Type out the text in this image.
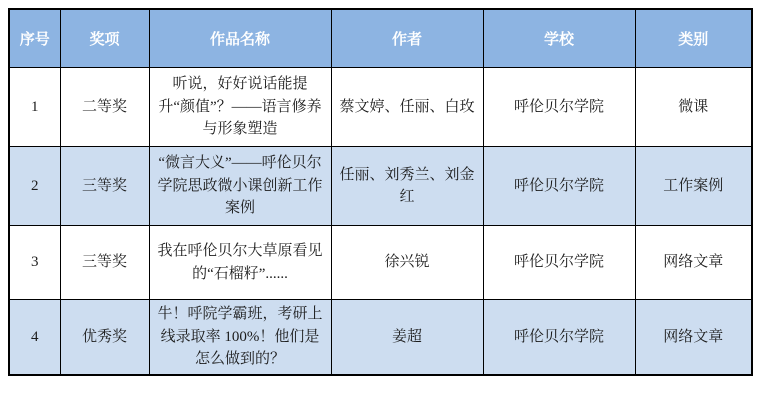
序号	奖项	作品名称	作者	学校	类别
1	二等奖	听说，好好说话能提升“颜值”？——语言修养与形象塑造	蔡文婷、任丽、白玫	呼伦贝尔学院	微课
2	三等奖	“微言大义”——呼伦贝尔学院思政微小课创新工作案例	任丽、刘秀兰、刘金红	呼伦贝尔学院	工作案例
3	三等奖	我在呼伦贝尔大草原看见的“石榴籽”......	徐兴锐	呼伦贝尔学院	网络文章
4	优秀奖	牛！呼院学霸班，考研上线录取率 100%！他们是怎么做到的？	姜超	呼伦贝尔学院	网络文章
